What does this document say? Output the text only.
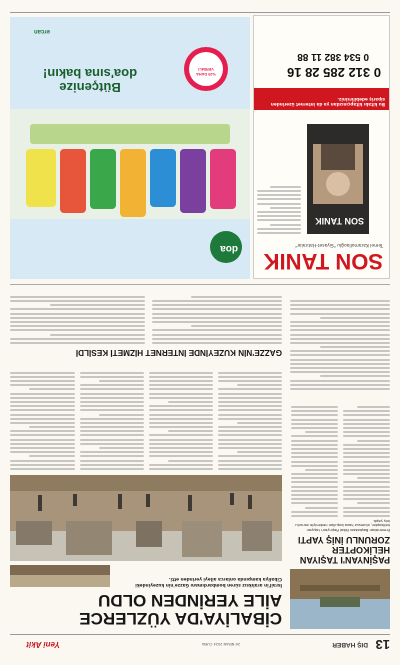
13
DIŞ HABER
26 NİSAN 2024 CUMA
Yeni Akit
PAŞİNYAN'I TAŞIYAN
HELİKOPTER
ZORUNLU İNİŞ YAPTI
Ermenistan Başbakanı Nikol Paşinyan'ı taşıyan helikopter, olumsuz hava koşulları nedeniyle zorunlu iniş yaptı.
CİBALİYA'DA YÜZLERCE
AİLE YERİNDEN OLDU
İsrail'in aralıksız süren bombardımanı Gazze'nin kuzeyindeki Cibaliya kampında onlarca aileyi yerinden etti.
GAZZE'NİN KUZEYİNDE İNTERNET HİZMETİ KESİLDİ
SON TANIK
Temel Karamollaoğlu "Siyaset-Hatıralar"
SON TANIK
Bu kitabı kitapçınızdan ya da internet üzerinden sipariş edebilirsiniz.
0 312 285 28 16
0 534 382 11 88
doa
Bütçenize
doa'sına bakın!	%25 DAHA VERİMLİ
ercan
